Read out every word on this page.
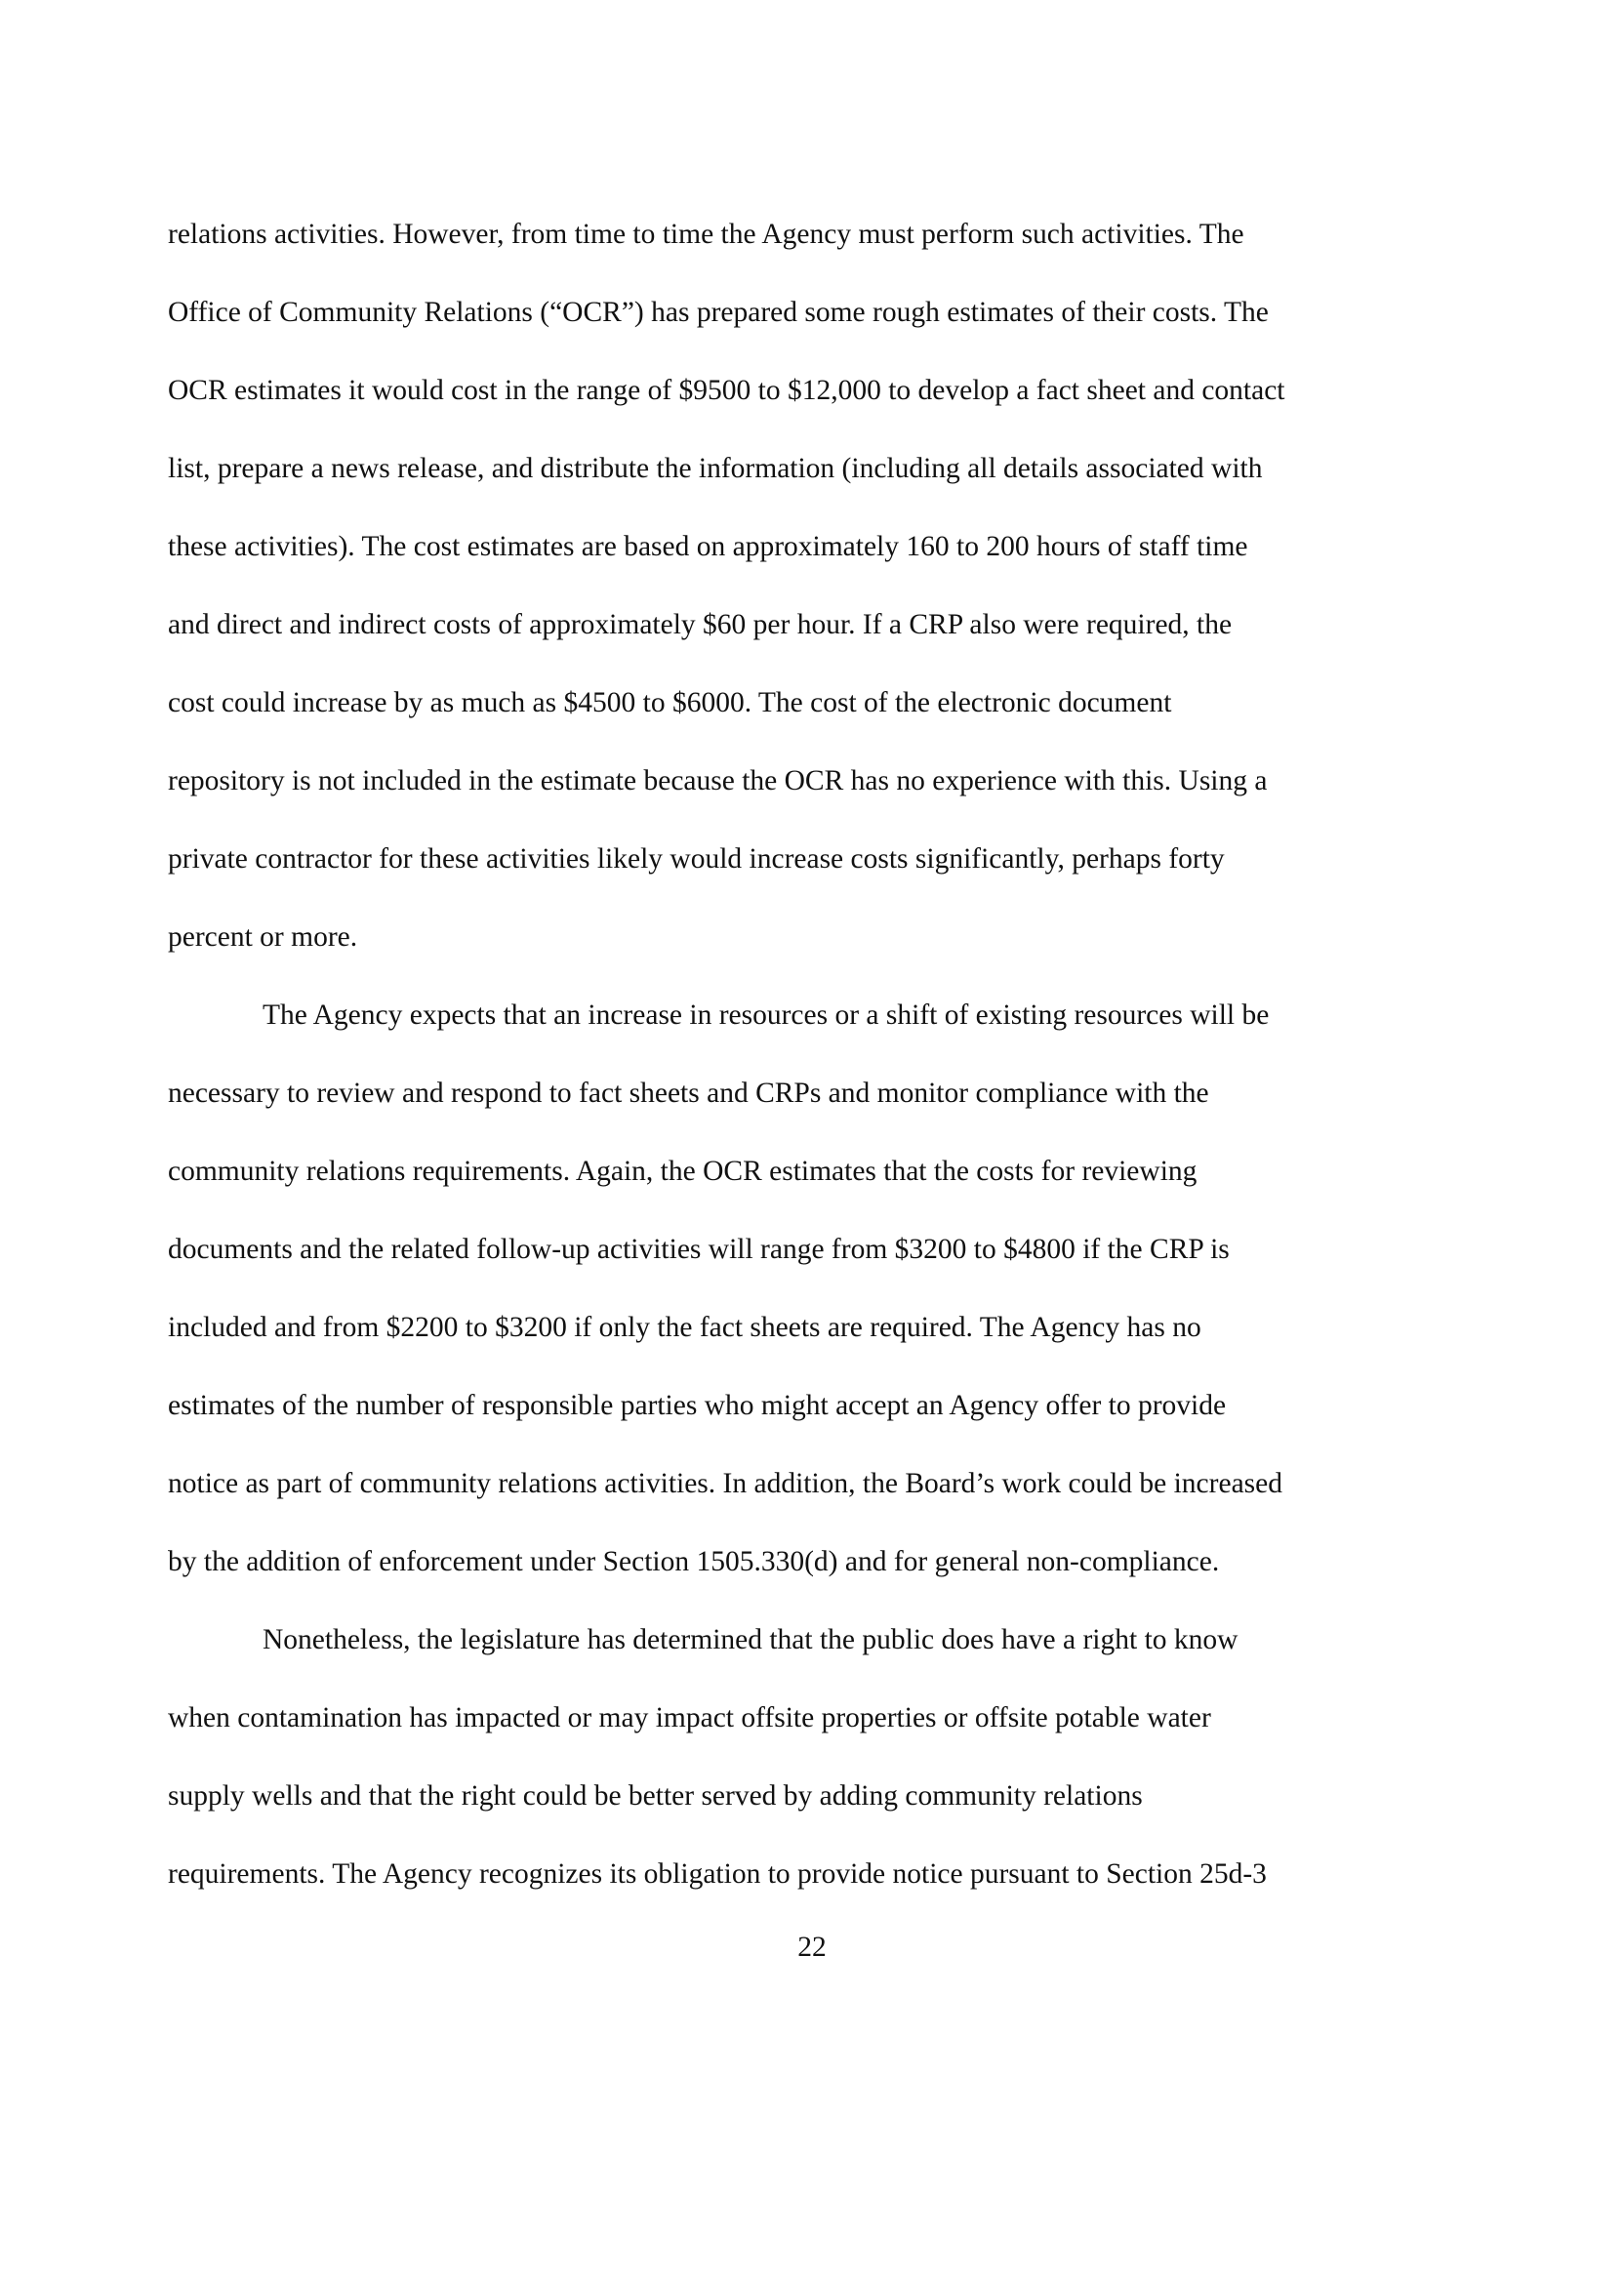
relations activities. However, from time to time the Agency must perform such activities. The
Office of Community Relations (“OCR”) has prepared some rough estimates of their costs. The
OCR estimates it would cost in the range of $9500 to $12,000 to develop a fact sheet and contact
list, prepare a news release, and distribute the information (including all details associated with
these activities). The cost estimates are based on approximately 160 to 200 hours of staff time
and direct and indirect costs of approximately $60 per hour. If a CRP also were required, the
cost could increase by as much as $4500 to $6000. The cost of the electronic document
repository is not included in the estimate because the OCR has no experience with this. Using a
private contractor for these activities likely would increase costs significantly, perhaps forty
percent or more.
The Agency expects that an increase in resources or a shift of existing resources will be
necessary to review and respond to fact sheets and CRPs and monitor compliance with the
community relations requirements. Again, the OCR estimates that the costs for reviewing
documents and the related follow-up activities will range from $3200 to $4800 if the CRP is
included and from $2200 to $3200 if only the fact sheets are required. The Agency has no
estimates of the number of responsible parties who might accept an Agency offer to provide
notice as part of community relations activities. In addition, the Board’s work could be increased
by the addition of enforcement under Section 1505.330(d) and for general non-compliance.
Nonetheless, the legislature has determined that the public does have a right to know
when contamination has impacted or may impact offsite properties or offsite potable water
supply wells and that the right could be better served by adding community relations
requirements. The Agency recognizes its obligation to provide notice pursuant to Section 25d-3
22
